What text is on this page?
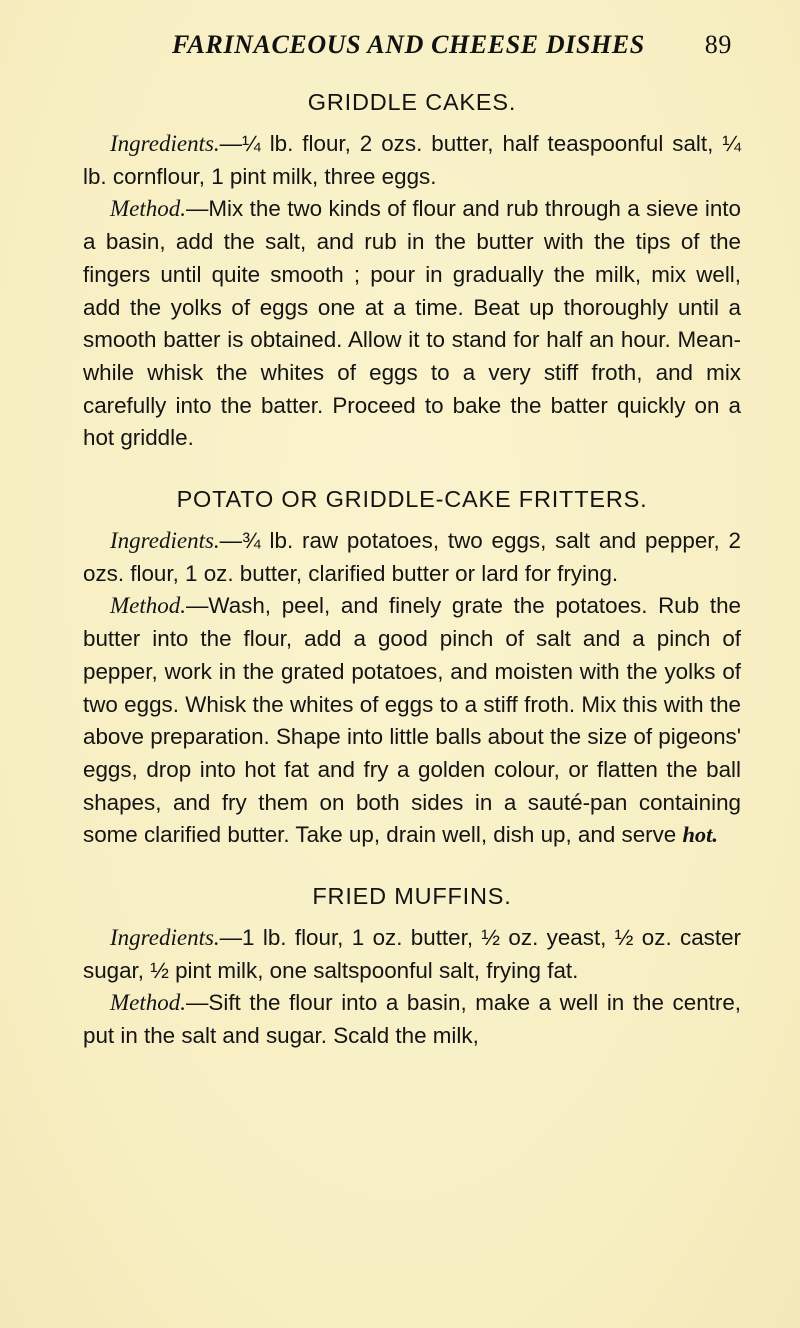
FARINACEOUS AND CHEESE DISHES 89
GRIDDLE CAKES.

Ingredients.—¼ lb. flour, 2 ozs. butter, half teaspoonful salt, ¼ lb. cornflour, 1 pint milk, three eggs.

Method.—Mix the two kinds of flour and rub through a sieve into a basin, add the salt, and rub in the butter with the tips of the fingers until quite smooth ; pour in gradually the milk, mix well, add the yolks of eggs one at a time. Beat up thoroughly until a smooth batter is obtained. Allow it to stand for half an hour. Mean-while whisk the whites of eggs to a very stiff froth, and mix carefully into the batter. Proceed to bake the batter quickly on a hot griddle.

POTATO OR GRIDDLE-CAKE FRITTERS.

Ingredients.—¾ lb. raw potatoes, two eggs, salt and pepper, 2 ozs. flour, 1 oz. butter, clarified butter or lard for frying.

Method.—Wash, peel, and finely grate the potatoes. Rub the butter into the flour, add a good pinch of salt and a pinch of pepper, work in the grated potatoes, and moisten with the yolks of two eggs. Whisk the whites of eggs to a stiff froth. Mix this with the above preparation. Shape into little balls about the size of pigeons' eggs, drop into hot fat and fry a golden colour, or flatten the ball shapes, and fry them on both sides in a sauté-pan containing some clarified butter. Take up, drain well, dish up, and serve hot.

FRIED MUFFINS.

Ingredients.—1 lb. flour, 1 oz. butter, ½ oz. yeast, ½ oz. caster sugar, ½ pint milk, one saltspoonful salt, frying fat.

Method.—Sift the flour into a basin, make a well in the centre, put in the salt and sugar. Scald the milk,
